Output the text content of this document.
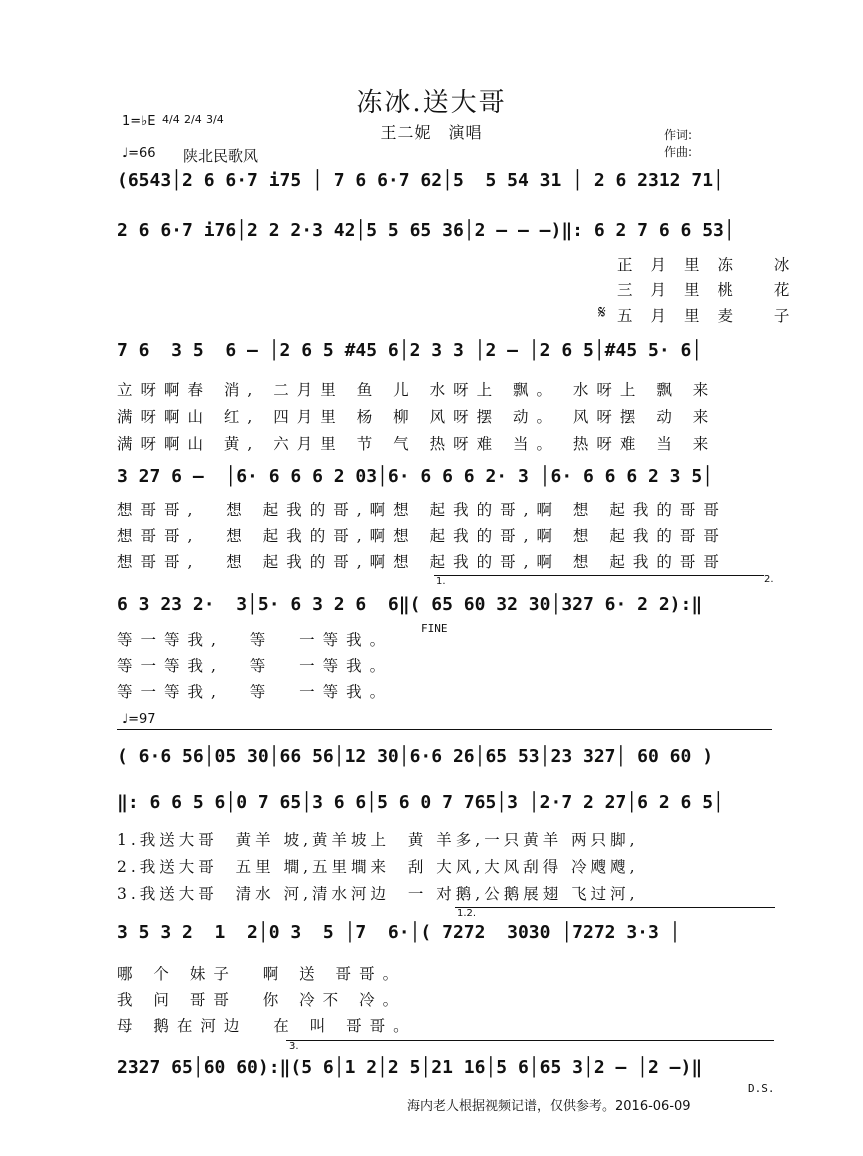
冻冰.送大哥
王二妮　演唱	作词:
作曲:
1=♭E 4/4 2/4 3/4
♩=66 陕北民歌风
(6543│2 6 6·7 i75 │ 7 6 6·7 62│5  5 54 31 │ 2 6 2312 71│
2 6 6·7 i76│2 2 2·3 42│5 5 65 36│2 — — —)‖: 6 2 7 6 6 53│
正月里冻 冰
三月里桃 花
𝄋 五月里麦 子
7 6  3 5  6 — │2 6 5 #45 6│2 3 3 │2 — │2 6 5│#45 5· 6│
立呀啊春 消, 二月里 鱼 儿 水呀上 飘。 水呀上 飘 来
满呀啊山 红, 四月里 杨 柳 风呀摆 动。 风呀摆 动 来
满呀啊山 黄, 六月里 节 气 热呀难 当。 热呀难 当 来
3 27 6 —  │6· 6 6 6 2 03│6· 6 6 6 2· 3 │6· 6 6 6 2 3 5│
想哥哥,  想 起我的哥,啊想 起我的哥,啊 想 起我的哥哥
想哥哥,  想 起我的哥,啊想 起我的哥,啊 想 起我的哥哥
想哥哥,  想 起我的哥,啊想 起我的哥,啊 想 起我的哥哥
1.	2.
6 3 23 2·  3│5· 6 3 2 6  6‖( 65 60 32 30│327 6· 2 2):‖
FINE
等一等我,  等  一等我。
等一等我,  等  一等我。
等一等我,  等  一等我。
♩=97
( 6·6 56│05 30│66 56│12 30│6·6 26│65 53│23 327│ 60 60 )
‖: 6 6 5 6│0 7 65│3 6 6│5 6 0 7 765│3 │2·7 2 27│6 2 6 5│
1.我送大哥  黄羊 坡,黄羊坡上  黄 羊多,一只黄羊 两只脚,
2.我送大哥  五里 墹,五里墹来  刮 大风,大风刮得 冷飕飕,
3.我送大哥  清水 河,清水河边  一 对鹅,公鹅展翅 飞过河,
1.2.
3 5 3 2  1  2│0 3  5 │7  6·│( 7272  3030 │7272 3·3 │
哪 个 妹子  啊 送 哥哥。
我 问 哥哥  你 冷不 冷。
母 鹅在河边  在 叫 哥哥。
3.
2327 65│60 60):‖(5 6│1 2│2 5│21 16│5 6│65 3│2 — │2 —)‖
D.S.
海内老人根据视频记谱，仅供参考。2016-06-09
